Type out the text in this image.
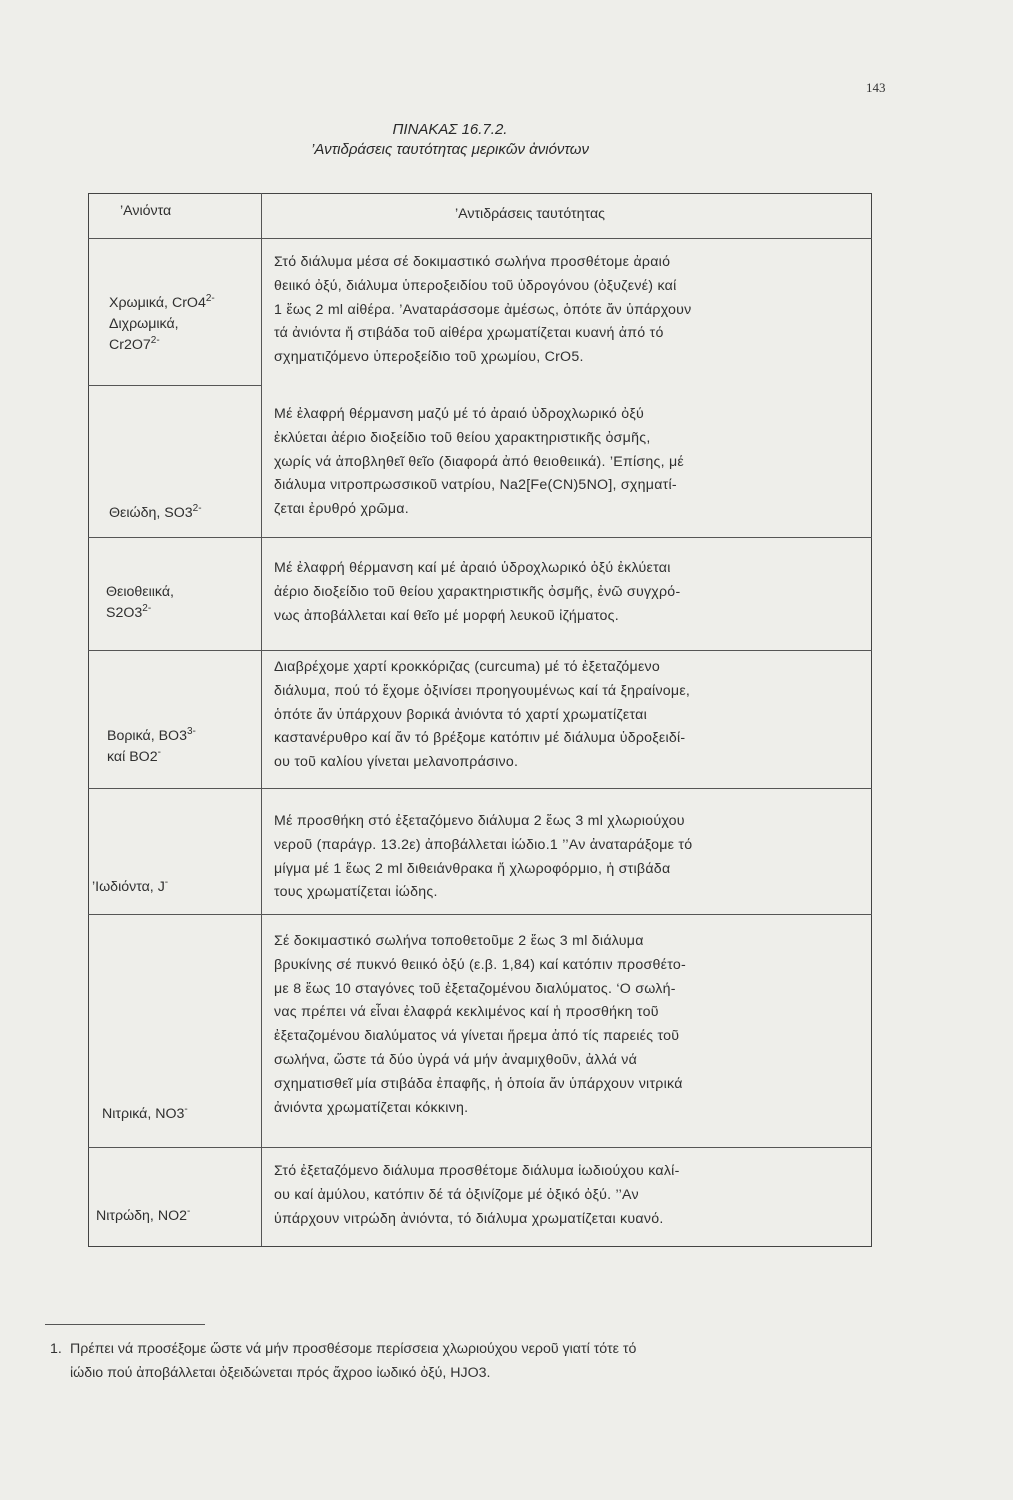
143
ΠΙΝΑΚΑΣ 16.7.2.
’Αντιδράσεις ταυτότητας μερικῶν ἀνιόντων
’Ανιόντα	’Αντιδράσεις ταυτότητας
Χρωμικά, $CrO4^{2-}$
Διχρωμικά,
$Cr2O7^{2-}$
Στό διάλυμα μέσα σέ δοκιμαστικό σωλήνα προσθέτομε ἀραιό
θειικό ὀξύ, διάλυμα ὑπεροξειδίου τοῦ ὑδρογόνου (ὀξυζενέ) καί
1 ἕως 2 ml αἰθέρα. ’Αναταράσσομε ἀμέσως, ὁπότε ἄν ὑπάρχουν
τά ἀνιόντα ἤ στιβάδα τοῦ αἰθέρα χρωματίζεται κυανή ἀπό τό
σχηματιζόμενο ὑπεροξείδιο τοῦ χρωμίου, CrO5.
Θειώδη, $SO3^{2-}$
Μέ ἐλαφρή θέρμανση μαζύ μέ τό ἀραιό ὑδροχλωρικό ὀξύ
ἐκλύεται ἀέριο διοξείδιο τοῦ θείου χαρακτηριστικῆς ὀσμῆς,
χωρίς νά ἀποβληθεῖ θεῖο (διαφορά ἀπό θειοθειικά). ’Επίσης, μέ
διάλυμα νιτροπρωσσικοῦ νατρίου, Na2[Fe(CN)5NO], σχηματί-
ζεται ἐρυθρό χρῶμα.
Θειοθειικά,
$S2O3^{2-}$
Μέ ἐλαφρή θέρμανση καί μέ ἀραιό ὑδροχλωρικό ὀξύ ἐκλύεται
ἀέριο διοξείδιο τοῦ θείου χαρακτηριστικῆς ὀσμῆς, ἐνῶ συγχρό-
νως ἀποβάλλεται καί θεῖο μέ μορφή λευκοῦ ἰζήματος.
Βορικά, $BO3^{3-}$
καί BO2-
Διαβρέχομε χαρτί κροκκόριζας (curcuma) μέ τό ἐξεταζόμενο
διάλυμα, πού τό ἔχομε ὀξινίσει προηγουμένως καί τά ξηραίνομε,
ὁπότε ἄν ὑπάρχουν βορικά ἀνιόντα τό χαρτί χρωματίζεται
καστανέρυθρο καί ἄν τό βρέξομε κατόπιν μέ διάλυμα ὑδροξειδί-
ου τοῦ καλίου γίνεται μελανοπράσινο.
’Ιωδιόντα, J-
Μέ προσθήκη στό ἐξεταζόμενο διάλυμα 2 ἕως 3 ml χλωριούχου
νεροῦ (παράγρ. 13.2ε) ἀποβάλλεται ἰώδιο.1 ’’Αν ἀναταράξομε τό
μίγμα μέ 1 ἕως 2 ml διθειάνθρακα ἤ χλωροφόρμιο, ἡ στιβάδα
τους χρωματίζεται ἰώδης.
Νιτρικά, NO3-
Σέ δοκιμαστικό σωλήνα τοποθετοῦμε 2 ἕως 3 ml διάλυμα
βρυκίνης σέ πυκνό θειικό ὀξύ (ε.β. 1,84) καί κατόπιν προσθέτο-
με 8 ἕως 10 σταγόνες τοῦ ἐξεταζομένου διαλύματος. ‘Ο σωλή-
νας πρέπει νά εἶναι ἐλαφρά κεκλιμένος καί ἡ προσθήκη τοῦ
ἐξεταζομένου διαλύματος νά γίνεται ἤρεμα ἀπό τίς παρειές τοῦ
σωλήνα, ὥστε τά δύο ὑγρά νά μήν ἀναμιχθοῦν, ἀλλά νά
σχηματισθεῖ μία στιβάδα ἐπαφῆς, ἡ ὁποία ἄν ὑπάρχουν νιτρικά
ἀνιόντα χρωματίζεται κόκκινη.
Νιτρώδη, NO2-
Στό ἐξεταζόμενο διάλυμα προσθέτομε διάλυμα ἰωδιούχου καλί-
ου καί ἀμύλου, κατόπιν δέ τά ὀξινίζομε μέ ὀξικό ὀξύ. ’’Αν
ὑπάρχουν νιτρώδη ἀνιόντα, τό διάλυμα χρωματίζεται κυανό.
1. Πρέπει νά προσέξομε ὥστε νά μήν προσθέσομε περίσσεια χλωριούχου νεροῦ γιατί τότε τό
ἰώδιο πού ἀποβάλλεται ὀξειδώνεται πρός ἄχροο ἰωδικό ὀξύ, HJO3.
